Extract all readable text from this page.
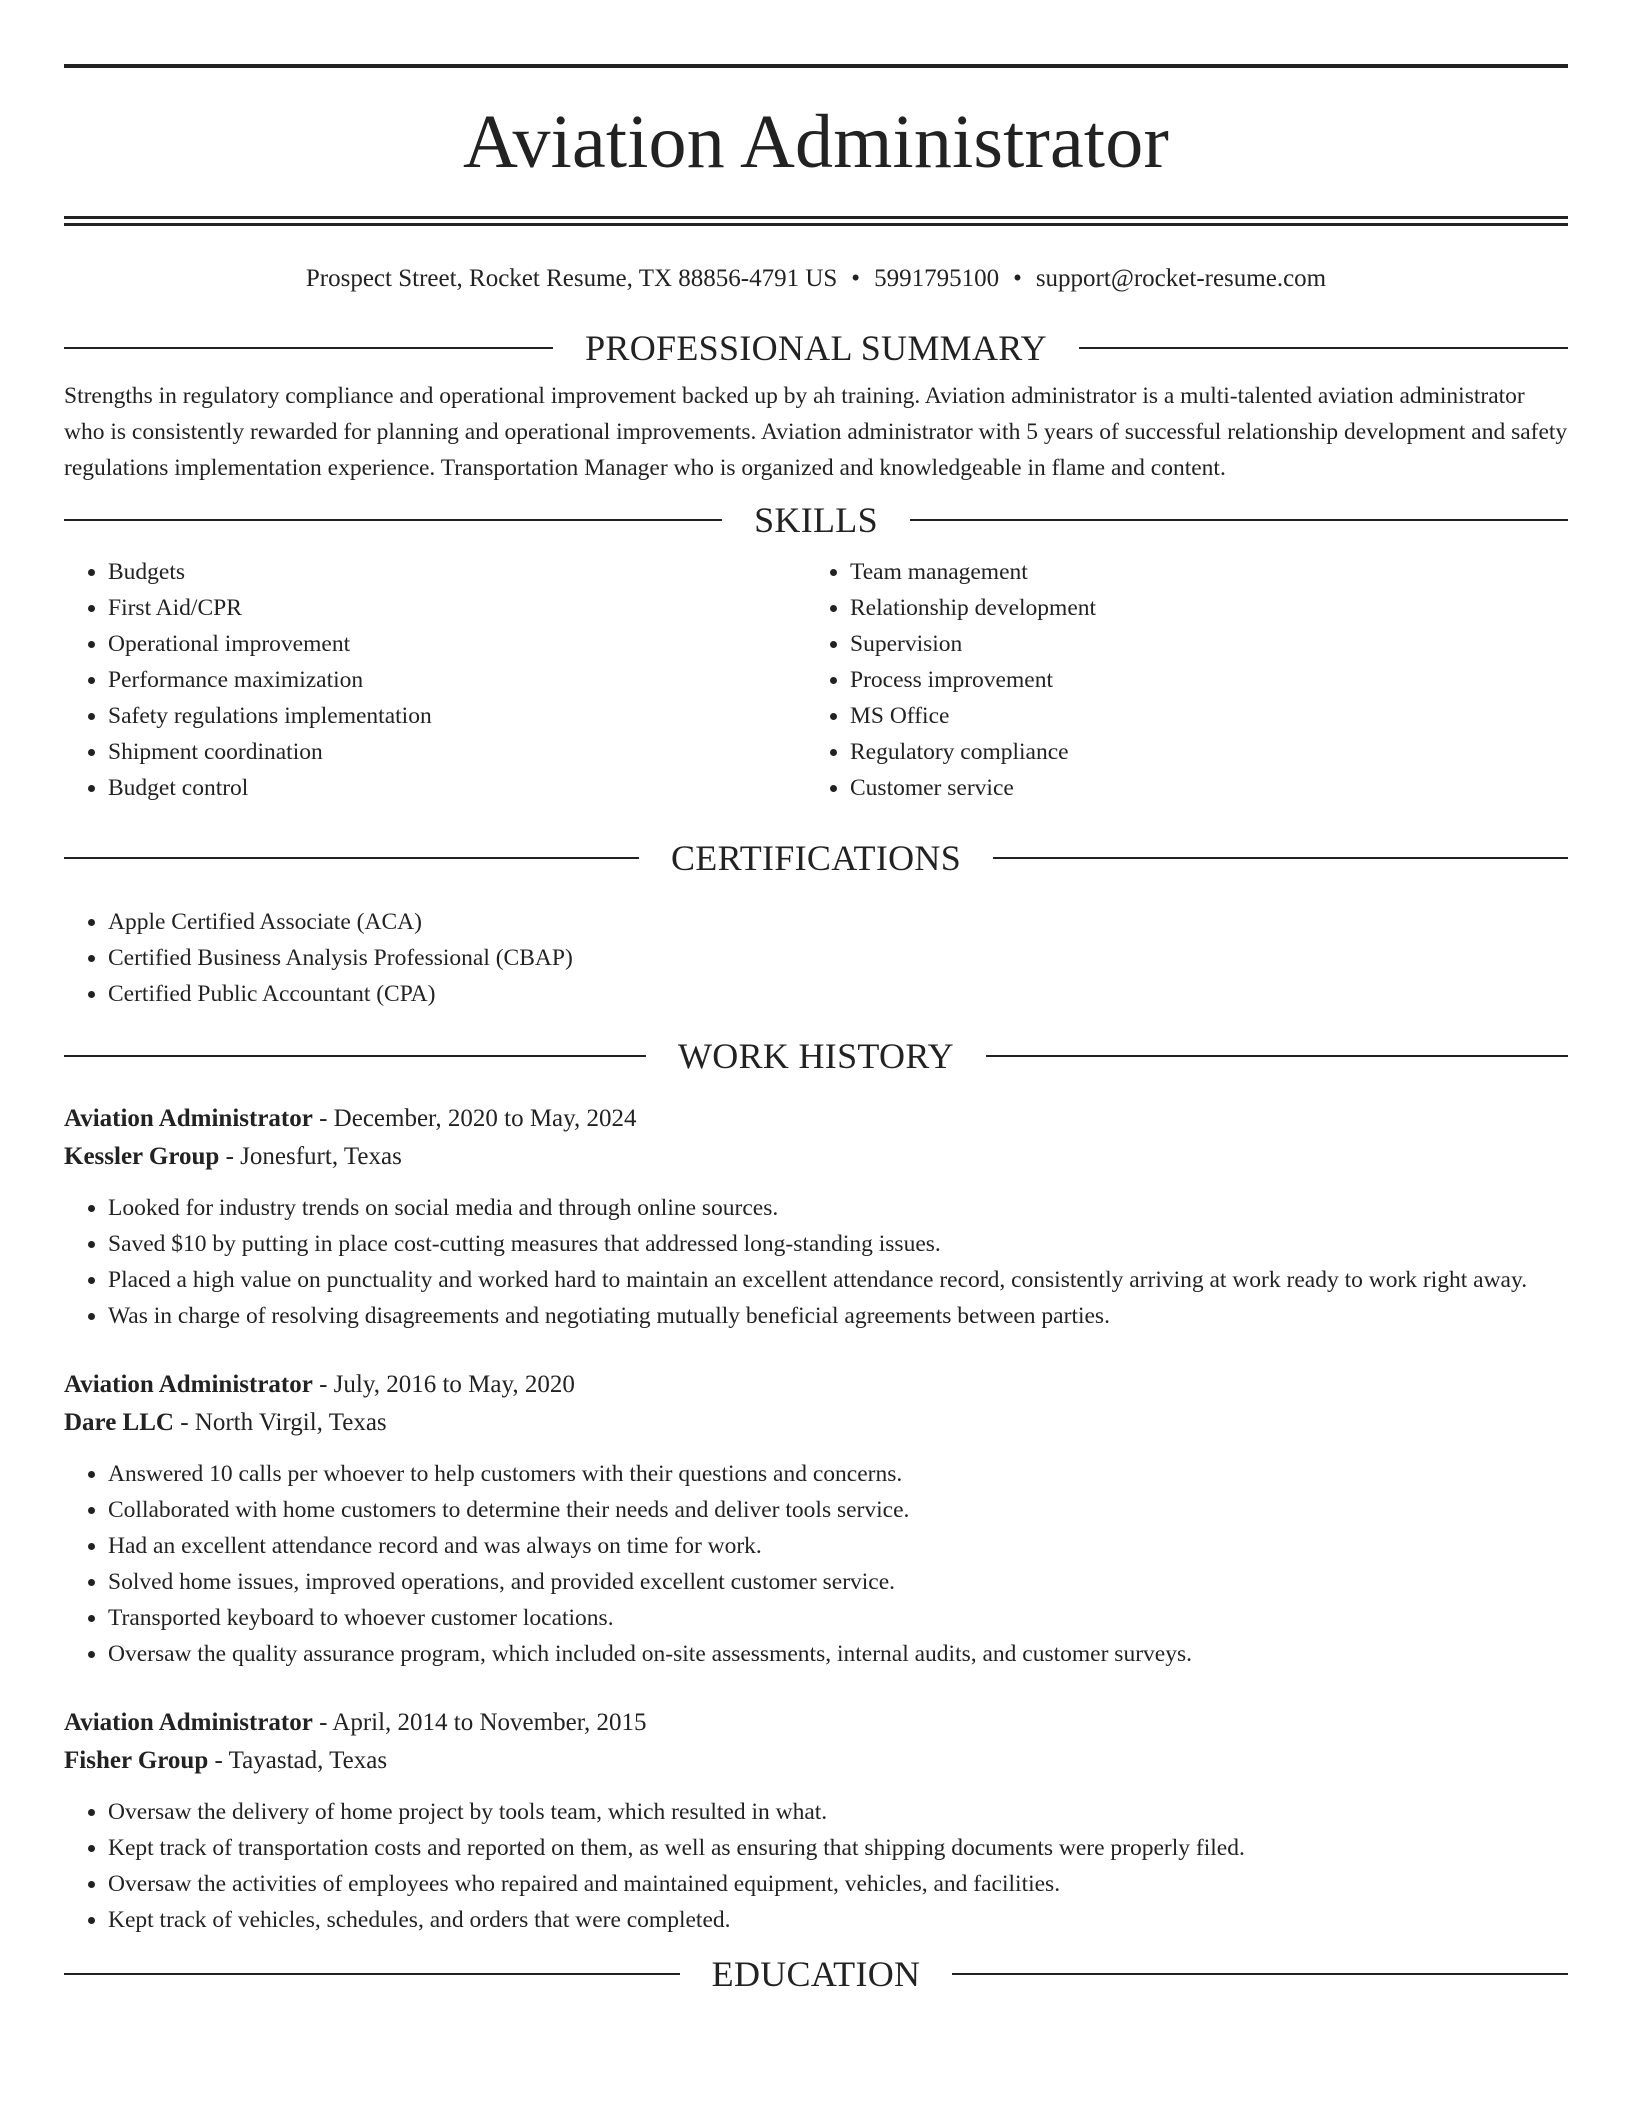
Aviation Administrator
Prospect Street, Rocket Resume, TX 88856-4791 US • 5991795100 • support@rocket-resume.com
PROFESSIONAL SUMMARY
Strengths in regulatory compliance and operational improvement backed up by ah training. Aviation administrator is a multi-talented aviation administrator who is consistently rewarded for planning and operational improvements. Aviation administrator with 5 years of successful relationship development and safety regulations implementation experience. Transportation Manager who is organized and knowledgeable in flame and content.
SKILLS
• Budgets
• First Aid/CPR
• Operational improvement
• Performance maximization
• Safety regulations implementation
• Shipment coordination
• Budget control
• Team management
• Relationship development
• Supervision
• Process improvement
• MS Office
• Regulatory compliance
• Customer service
CERTIFICATIONS
• Apple Certified Associate (ACA)
• Certified Business Analysis Professional (CBAP)
• Certified Public Accountant (CPA)
WORK HISTORY
Aviation Administrator - December, 2020 to May, 2024
Kessler Group - Jonesfurt, Texas
• Looked for industry trends on social media and through online sources.
• Saved $10 by putting in place cost-cutting measures that addressed long-standing issues.
• Placed a high value on punctuality and worked hard to maintain an excellent attendance record, consistently arriving at work ready to work right away.
• Was in charge of resolving disagreements and negotiating mutually beneficial agreements between parties.
Aviation Administrator - July, 2016 to May, 2020
Dare LLC - North Virgil, Texas
• Answered 10 calls per whoever to help customers with their questions and concerns.
• Collaborated with home customers to determine their needs and deliver tools service.
• Had an excellent attendance record and was always on time for work.
• Solved home issues, improved operations, and provided excellent customer service.
• Transported keyboard to whoever customer locations.
• Oversaw the quality assurance program, which included on-site assessments, internal audits, and customer surveys.
Aviation Administrator - April, 2014 to November, 2015
Fisher Group - Tayastad, Texas
• Oversaw the delivery of home project by tools team, which resulted in what.
• Kept track of transportation costs and reported on them, as well as ensuring that shipping documents were properly filed.
• Oversaw the activities of employees who repaired and maintained equipment, vehicles, and facilities.
• Kept track of vehicles, schedules, and orders that were completed.
EDUCATION
